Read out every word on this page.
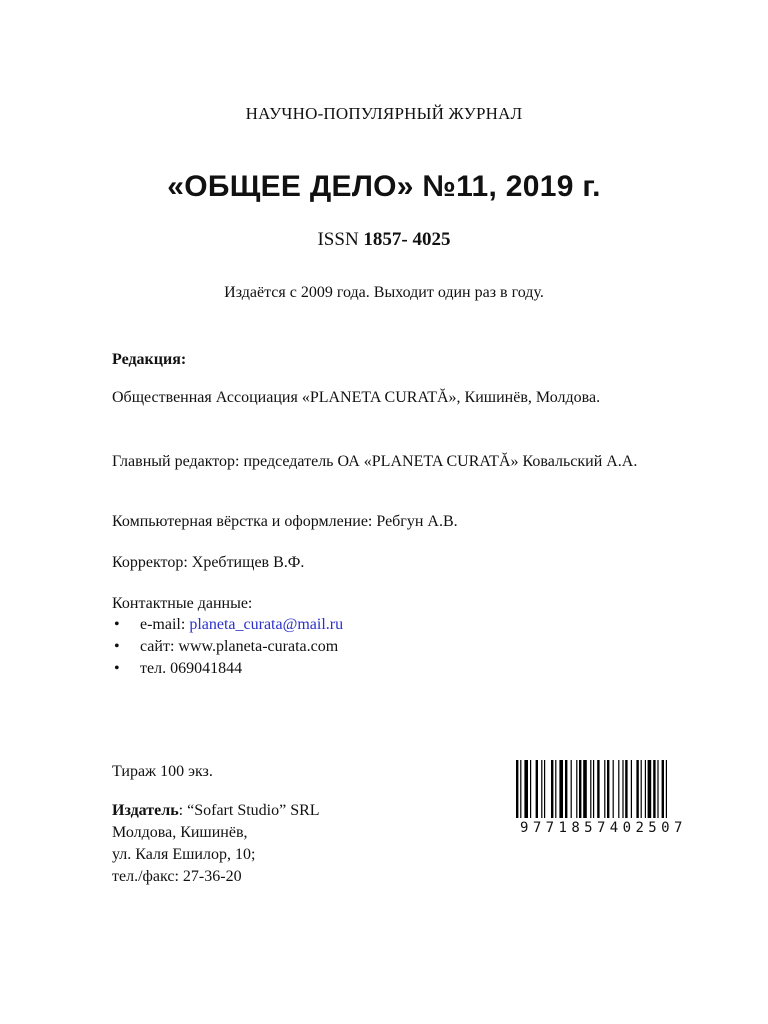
НАУЧНО-ПОПУЛЯРНЫЙ ЖУРНАЛ
«ОБЩЕЕ ДЕЛО» №11, 2019 г.
ISSN 1857- 4025
Издаётся с 2009 года. Выходит один раз в году.
Редакция:
Общественная Ассоциация «PLANETA CURATĂ», Кишинёв, Молдова.
Главный редактор: председатель ОА «PLANETA CURATĂ» Ковальский А.А.
Компьютерная вёрстка и оформление: Ребгун А.В.
Корректор: Хребтищев В.Ф.
Контактные данные:
• e-mail: planeta_curata@mail.ru
• сайт: www.planeta-curata.com
• тел. 069041844
Тираж 100 экз.
Издатель: “Sofart Studio” SRL
Молдова, Кишинёв,
ул. Каля Ешилор, 10;
тел./факс: 27-36-20
9771857402507
